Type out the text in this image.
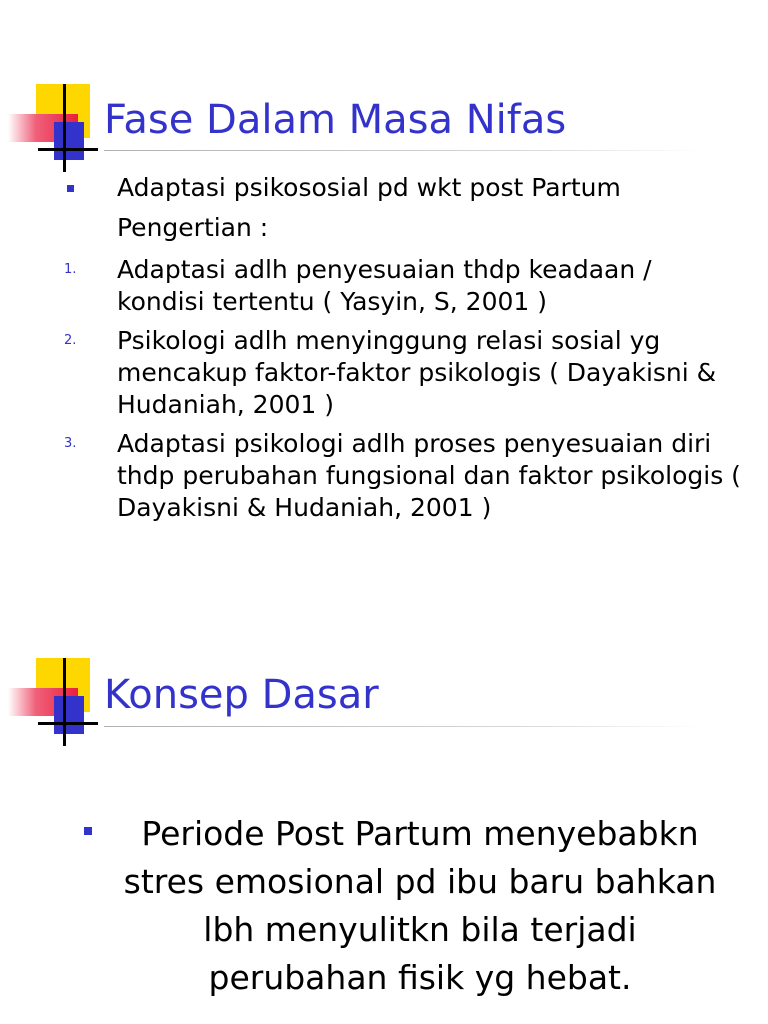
Fase Dalam Masa Nifas

Adaptasi psikososial pd wkt post Partum

Pengertian :

1. Adaptasi adlh penyesuaian thdp keadaan / kondisi tertentu ( Yasyin, S, 2001 )

2. Psikologi adlh menyinggung relasi sosial yg mencakup faktor-faktor psikologis ( Dayakisni & Hudaniah, 2001 )

3. Adaptasi psikologi adlh proses penyesuaian diri thdp perubahan fungsional dan faktor psikologis ( Dayakisni & Hudaniah, 2001 )

Konsep Dasar

Periode Post Partum menyebabkn stres emosional pd ibu baru bahkan lbh menyulitkn bila terjadi perubahan fisik yg hebat.
